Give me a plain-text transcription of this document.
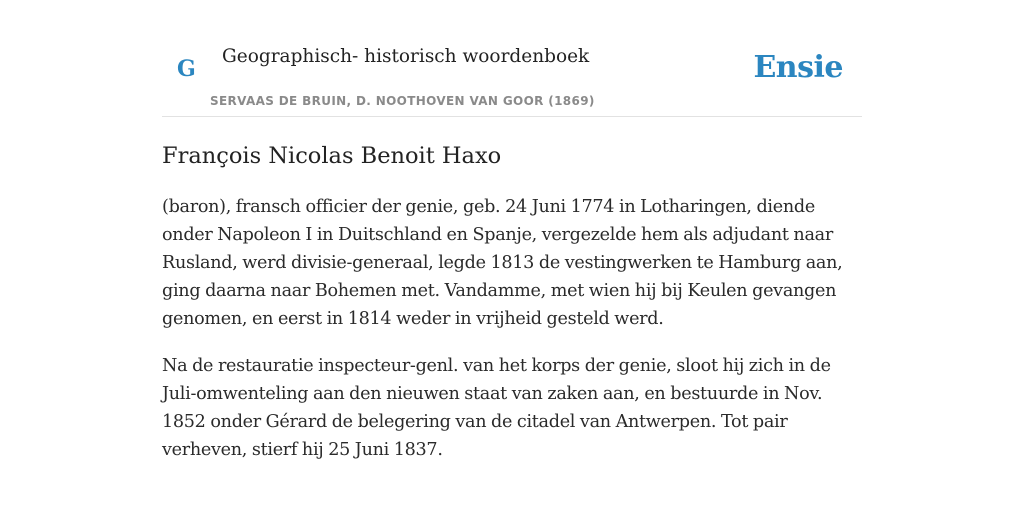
G Geographisch- historisch woordenboek
SERVAAS DE BRUIN, D. NOOTHOVEN VAN GOOR (1869)
Ensie
François Nicolas Benoit Haxo

(baron), fransch officier der genie, geb. 24 Juni 1774 in Lotharingen, diende onder Napoleon I in Duitschland en Spanje, vergezelde hem als adjudant naar Rusland, werd divisie-generaal, legde 1813 de vestingwerken te Hamburg aan, ging daarna naar Bohemen met. Vandamme, met wien hij bij Keulen gevangen genomen, en eerst in 1814 weder in vrijheid gesteld werd.

Na de restauratie inspecteur-genl. van het korps der genie, sloot hij zich in de Juli-omwenteling aan den nieuwen staat van zaken aan, en bestuurde in Nov. 1852 onder Gérard de belegering van de citadel van Antwerpen. Tot pair verheven, stierf hij 25 Juni 1837.
